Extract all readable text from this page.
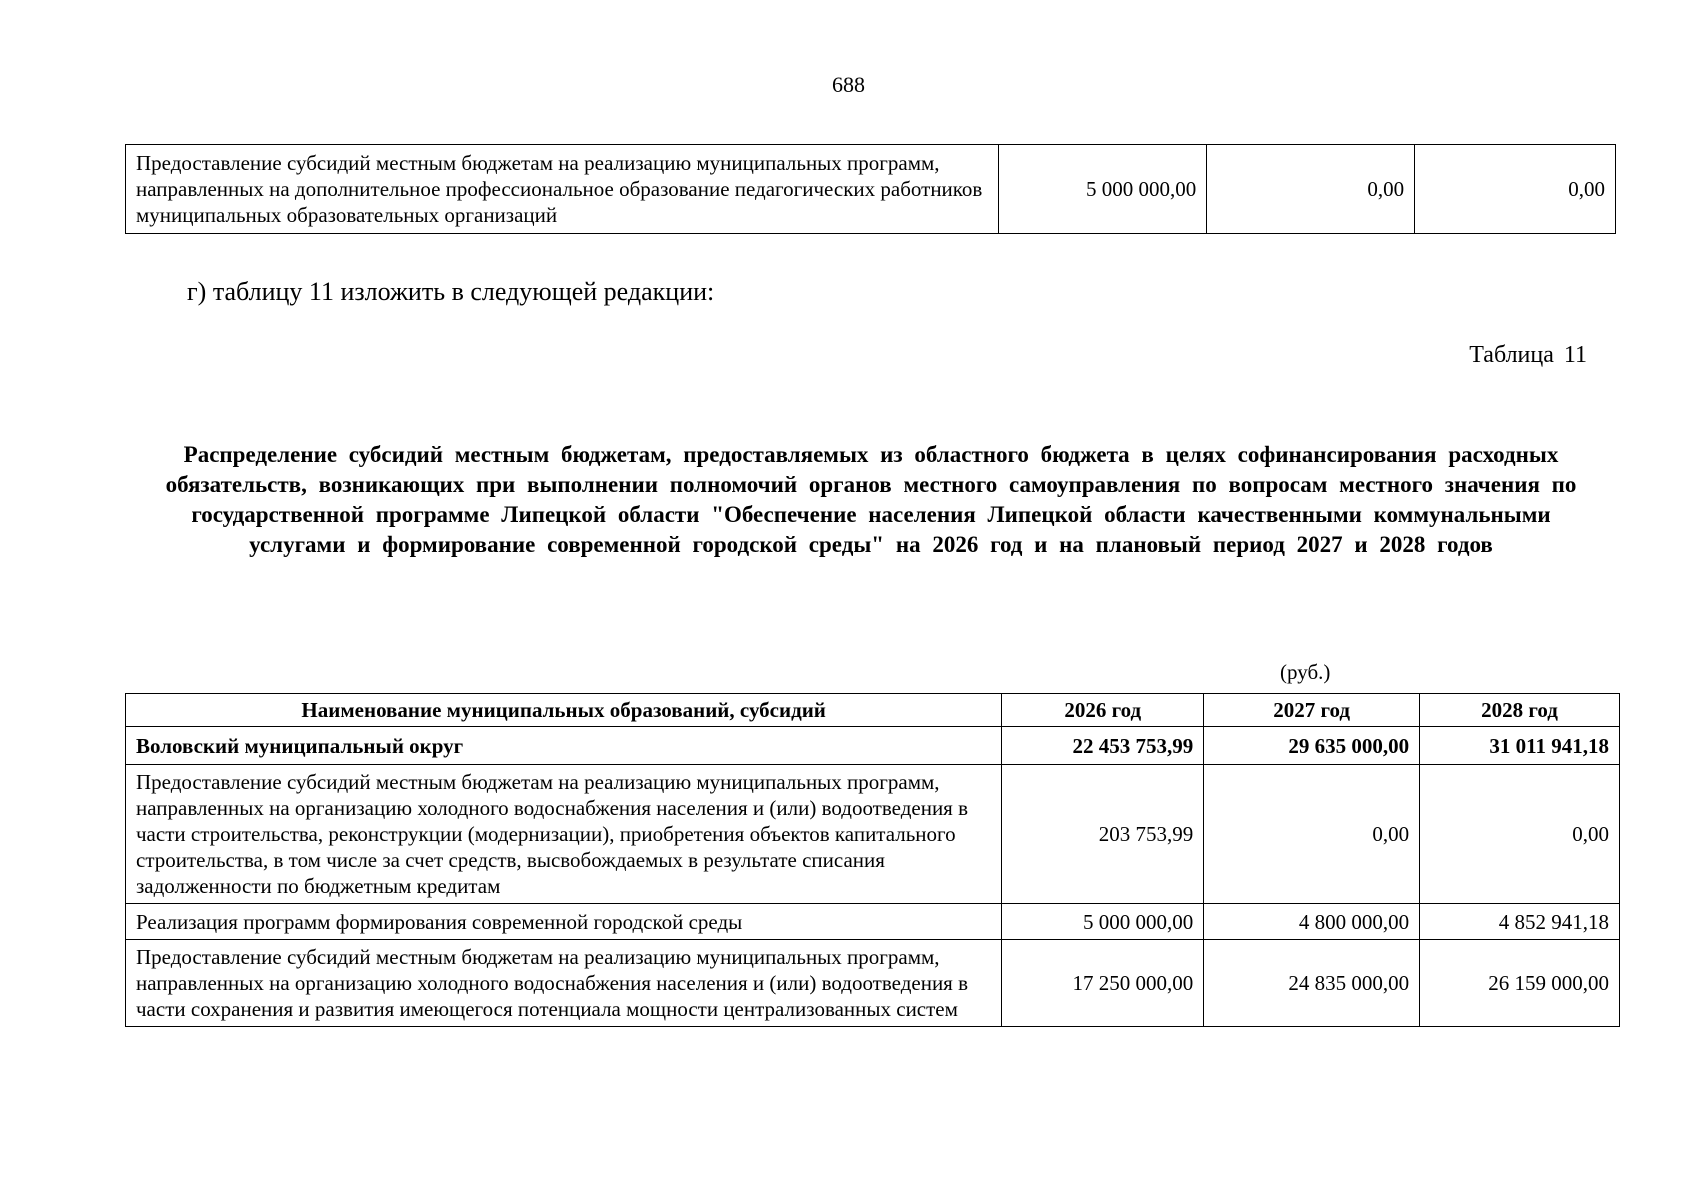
688
Предоставление субсидий местным бюджетам на реализацию муниципальных программ, направленных на дополнительное профессиональное образование педагогических работников муниципальных образовательных организаций	5 000 000,00	0,00	0,00
г) таблицу 11 изложить в следующей редакции:
Таблица 11
Распределение субсидий местным бюджетам, предоставляемых из областного бюджета в целях софинансирования расходных обязательств, возникающих при выполнении полномочий органов местного самоуправления по вопросам местного значения по государственной программе Липецкой области "Обеспечение населения Липецкой области качественными коммунальными услугами и формирование современной городской среды" на 2026 год и на плановый период 2027 и 2028 годов
(руб.)
Наименование муниципальных образований, субсидий	2026 год	2027 год	2028 год
Воловский муниципальный округ	22 453 753,99	29 635 000,00	31 011 941,18
Предоставление субсидий местным бюджетам на реализацию муниципальных программ, направленных на организацию холодного водоснабжения населения и (или) водоотведения в части строительства, реконструкции (модернизации), приобретения объектов капитального строительства, в том числе за счет средств, высвобождаемых в результате списания задолженности по бюджетным кредитам	203 753,99	0,00	0,00
Реализация программ формирования современной городской среды	5 000 000,00	4 800 000,00	4 852 941,18
Предоставление субсидий местным бюджетам на реализацию муниципальных программ, направленных на организацию холодного водоснабжения населения и (или) водоотведения в части сохранения и развития имеющегося потенциала мощности централизованных систем	17 250 000,00	24 835 000,00	26 159 000,00
